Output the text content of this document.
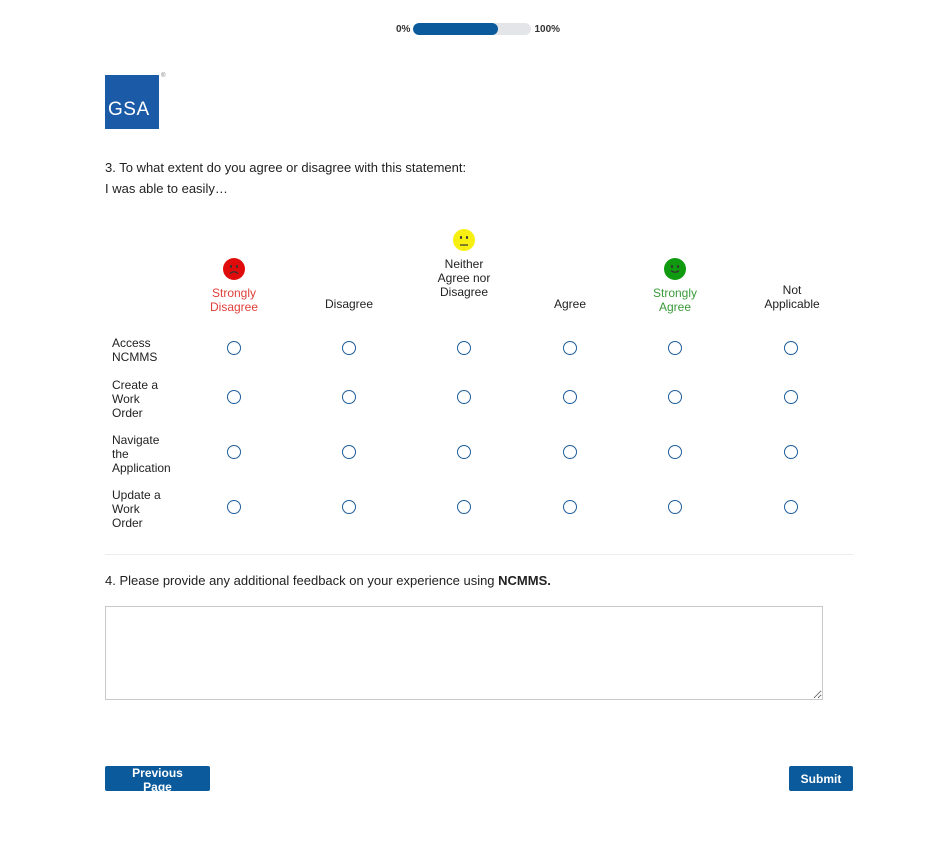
0%	100%
GSA
®
3. To what extent do you agree or disagree with this statement:
I was able to easily…
Strongly Disagree	Disagree
Neither Agree nor Disagree
Agree
Strongly Agree
Not Applicable
Access NCMMS
Create a Work Order
Navigate the Application
Update a Work Order
4. Please provide any additional feedback on your experience using NCMMS.
Previous Page
Submit
